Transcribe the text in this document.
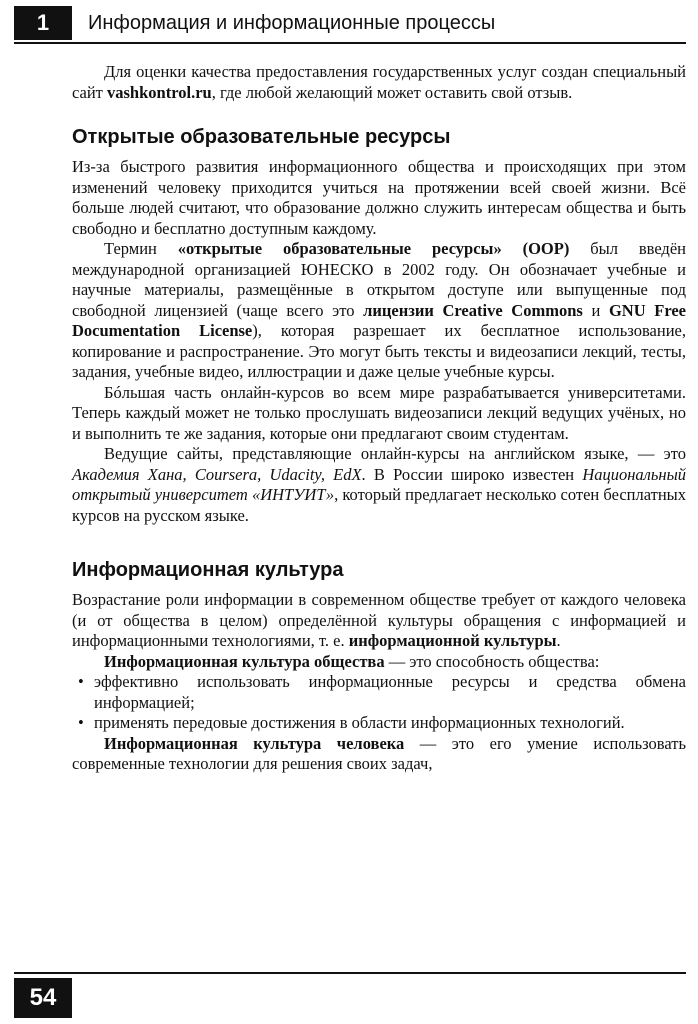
1	Информация и информационные процессы

Для оценки качества предоставления государственных услуг создан специальный сайт vashkontrol.ru, где любой желающий может оставить свой отзыв.

Открытые образовательные ресурсы

Из-за быстрого развития информационного общества и происходящих при этом изменений человеку приходится учиться на протяжении всей своей жизни. Всё больше людей считают, что образование должно служить интересам общества и быть свободно и бесплатно доступным каждому.

Термин «открытые образовательные ресурсы» (ООР) был введён международной организацией ЮНЕСКО в 2002 году. Он обозначает учебные и научные материалы, размещённые в открытом доступе или выпущенные под свободной лицензией (чаще всего это лицензии Creative Commons и GNU Free Documentation License), которая разрешает их бесплатное использование, копирование и распространение. Это могут быть тексты и видеозаписи лекций, тесты, задания, учебные видео, иллюстрации и даже целые учебные курсы.

Бóльшая часть онлайн-курсов во всем мире разрабатывается университетами. Теперь каждый может не только прослушать видеозаписи лекций ведущих учёных, но и выполнить те же задания, которые они предлагают своим студентам.

Ведущие сайты, представляющие онлайн-курсы на английском языке, — это Академия Хана, Coursera, Udacity, EdX. В России широко известен Национальный открытый университет «ИНТУИТ», который предлагает несколько сотен бесплатных курсов на русском языке.

Информационная культура

Возрастание роли информации в современном обществе требует от каждого человека (и от общества в целом) определённой культуры обращения с информацией и информационными технологиями, т. е. информационной культуры.

Информационная культура общества — это способность общества:

• эффективно использовать информационные ресурсы и средства обмена информацией;
• применять передовые достижения в области информационных технологий.

Информационная культура человека — это его умение использовать современные технологии для решения своих задач,

54
